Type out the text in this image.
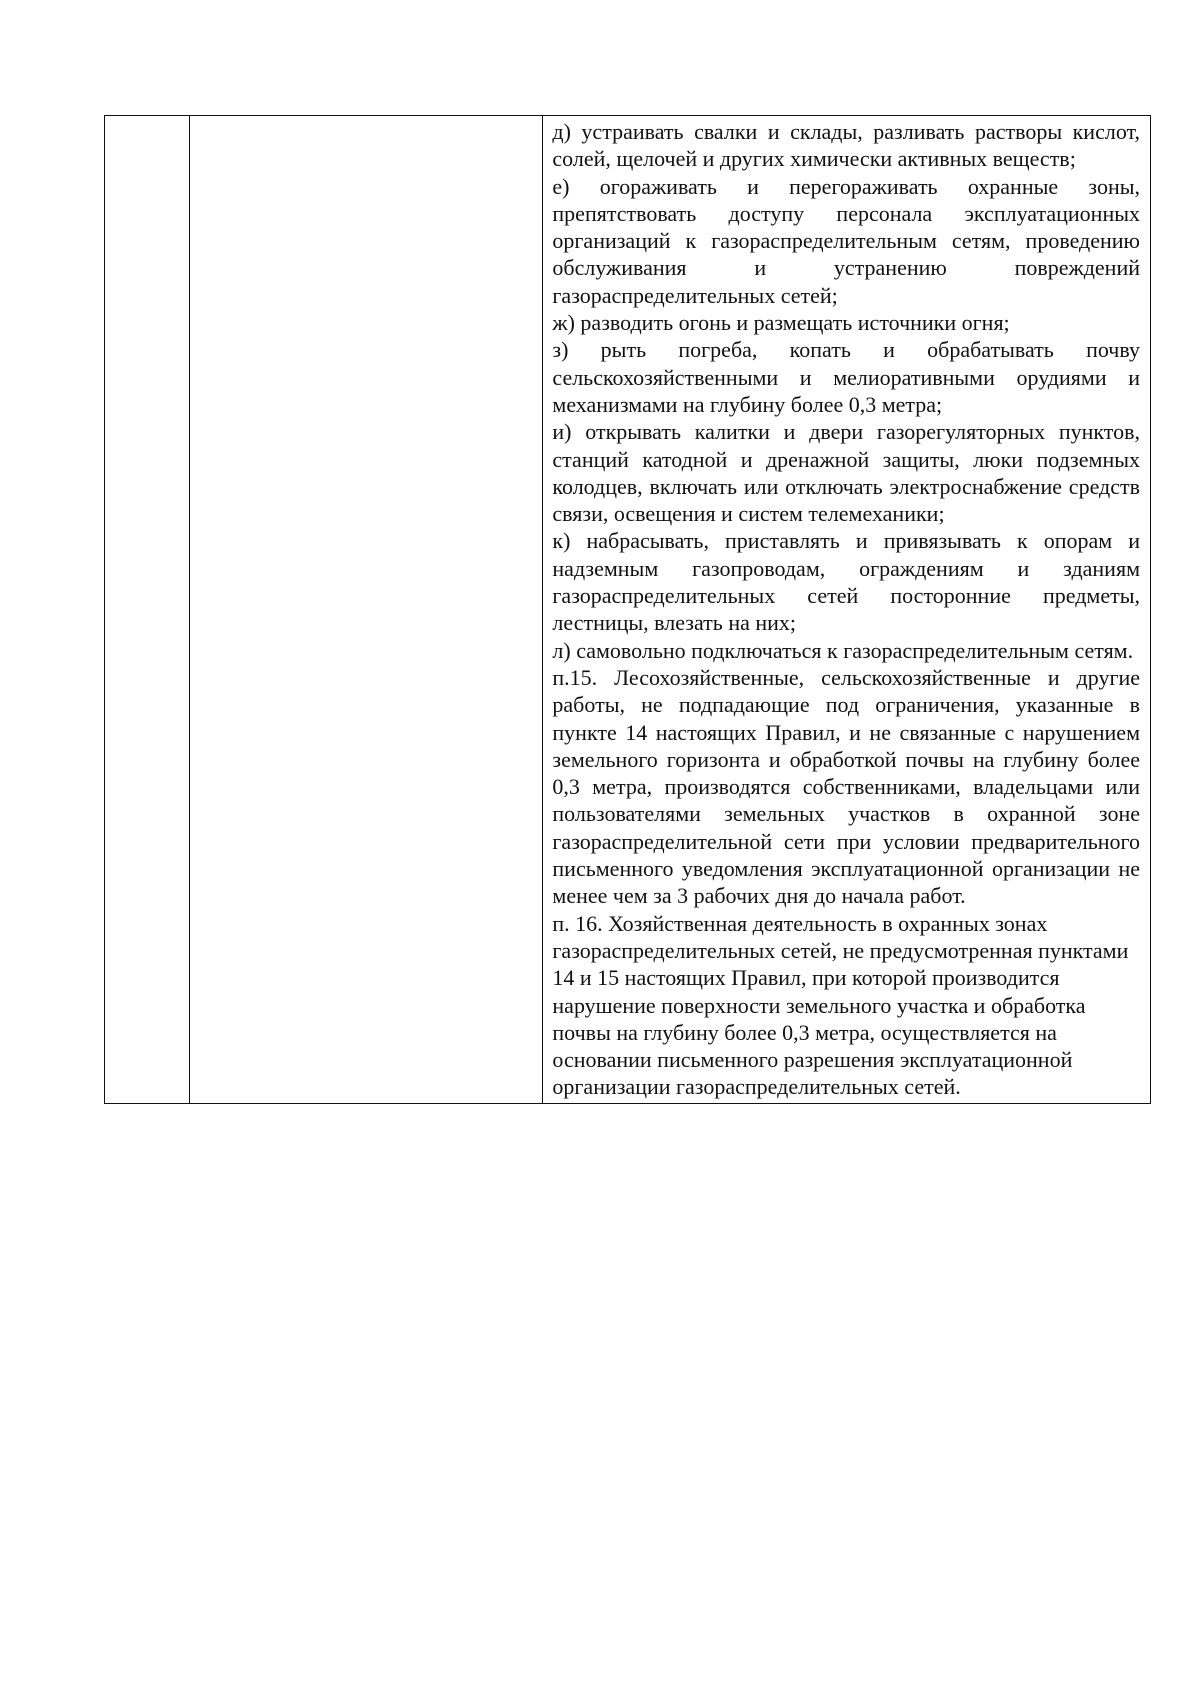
д) устраивать свалки и склады, разливать растворы кислот, солей, щелочей и других химически активных веществ;

е) огораживать и перегораживать охранные зоны, препятствовать доступу персонала эксплуатационных организаций к газораспределительным сетям, проведению обслуживания и устранению повреждений газораспределительных сетей;

ж) разводить огонь и размещать источники огня;

з) рыть погреба, копать и обрабатывать почву сельскохозяйственными и мелиоративными орудиями и механизмами на глубину более 0,3 метра;

и) открывать калитки и двери газорегуляторных пунктов, станций катодной и дренажной защиты, люки подземных колодцев, включать или отключать электроснабжение средств связи, освещения и систем телемеханики;

к) набрасывать, приставлять и привязывать к опорам и надземным газопроводам, ограждениям и зданиям газораспределительных сетей посторонние предметы, лестницы, влезать на них;

л) самовольно подключаться к газораспределительным сетям.

п.15. Лесохозяйственные, сельскохозяйственные и другие работы, не подпадающие под ограничения, указанные в пункте 14 настоящих Правил, и не связанные с нарушением земельного горизонта и обработкой почвы на глубину более 0,3 метра, производятся собственниками, владельцами или пользователями земельных участков в охранной зоне газораспределительной сети при условии предварительного письменного уведомления эксплуатационной организации не менее чем за 3 рабочих дня до начала работ.

п. 16. Хозяйственная деятельность в охранных зонах газораспределительных сетей, не предусмотренная пунктами 14 и 15 настоящих Правил, при которой производится нарушение поверхности земельного участка и обработка почвы на глубину более 0,3 метра, осуществляется на основании письменного разрешения эксплуатационной организации газораспределительных сетей.
